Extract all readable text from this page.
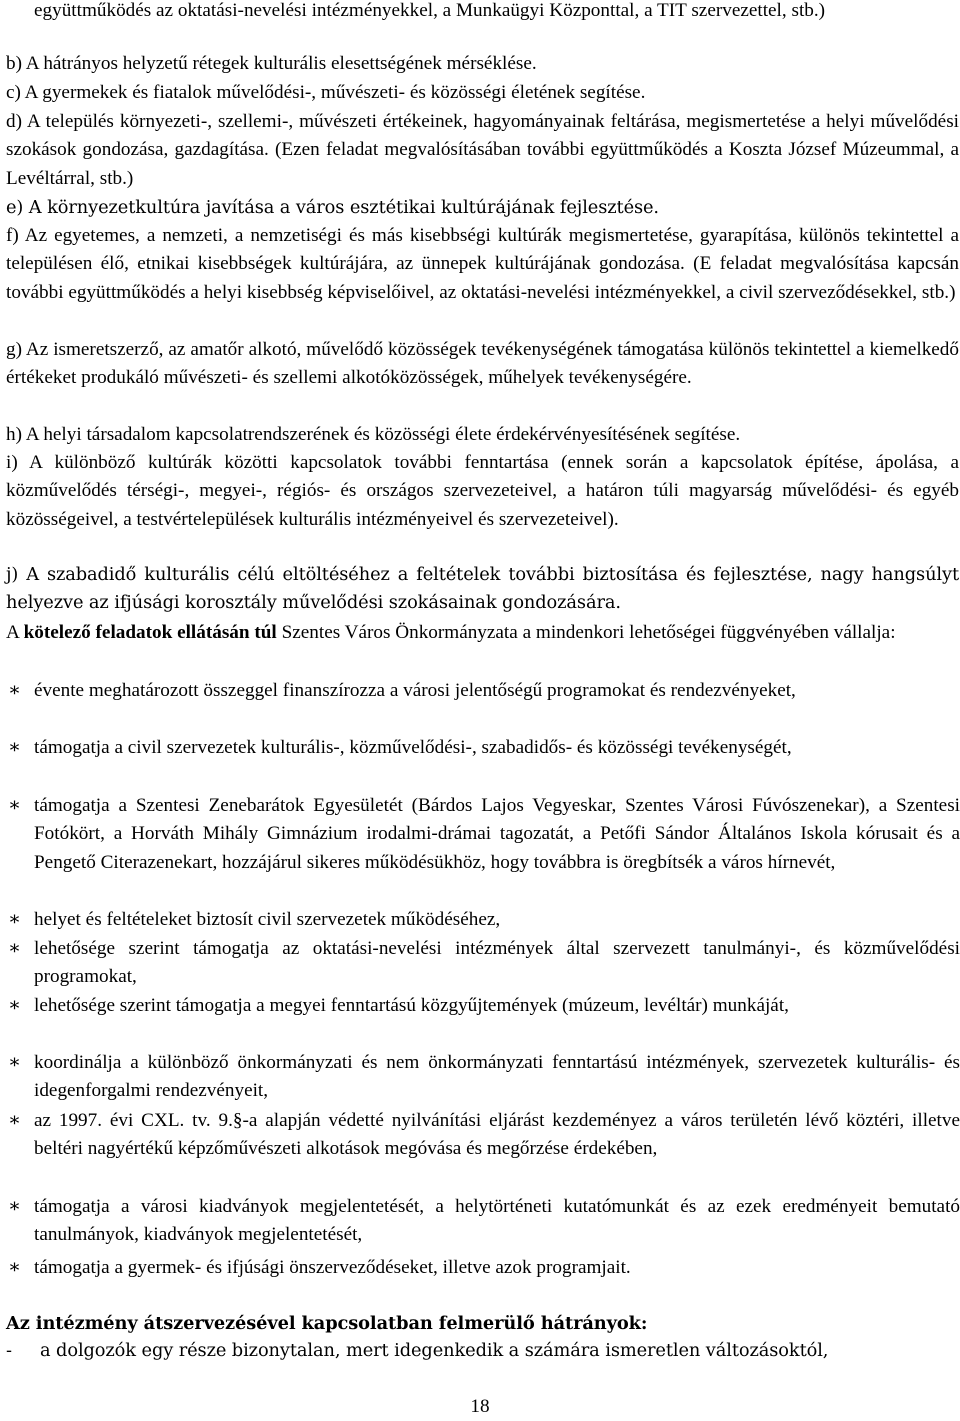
együttműködés az oktatási-nevelési intézményekkel, a Munkaügyi Központtal, a TIT szervezettel, stb.)
b) A hátrányos helyzetű rétegek kulturális elesettségének mérséklése.
c) A gyermekek és fiatalok művelődési-, művészeti- és közösségi életének segítése.
d) A település környezeti-, szellemi-, művészeti értékeinek, hagyományainak feltárása, megismertetése a helyi művelődési szokások gondozása, gazdagítása. (Ezen feladat megvalósításában további együttműködés a Koszta József Múzeummal, a Levéltárral, stb.)
e) A környezetkultúra javítása a város esztétikai kultúrájának fejlesztése.
f) Az egyetemes, a nemzeti, a nemzetiségi és más kisebbségi kultúrák megismertetése, gyarapítása, különös tekintettel a településen élő, etnikai kisebbségek kultúrájára, az ünnepek kultúrájának gondozása. (E feladat megvalósítása kapcsán további együttműködés a helyi kisebbség képviselőivel, az oktatási-nevelési intézményekkel, a civil szerveződésekkel, stb.)
g) Az ismeretszerző, az amatőr alkotó, művelődő közösségek tevékenységének támogatása különös tekintettel a kiemelkedő értékeket produkáló művészeti- és szellemi alkotóközösségek, műhelyek tevékenységére.
h) A helyi társadalom kapcsolatrendszerének és közösségi élete érdekérvényesítésének segítése.
i) A különböző kultúrák közötti kapcsolatok további fenntartása (ennek során a kapcsolatok építése, ápolása, a közművelődés térségi-, megyei-, régiós- és országos szervezeteivel, a határon túli magyarság művelődési- és egyéb közösségeivel, a testvértelepülések kulturális intézményeivel és szervezeteivel).
j) A szabadidő kulturális célú eltöltéséhez a feltételek további biztosítása és fejlesztése, nagy hangsúlyt helyezve az ifjúsági korosztály művelődési szokásainak gondozására.
A kötelező feladatok ellátásán túl Szentes Város Önkormányzata a mindenkori lehetőségei függvényében vállalja:
∗ évente meghatározott összeggel finanszírozza a városi jelentőségű programokat és rendezvényeket,
∗ támogatja a civil szervezetek kulturális-, közművelődési-, szabadidős- és közösségi tevékenységét,
∗ támogatja a Szentesi Zenebarátok Egyesületét (Bárdos Lajos Vegyeskar, Szentes Városi Fúvószenekar), a Szentesi Fotókört, a Horváth Mihály Gimnázium irodalmi-drámai tagozatát, a Petőfi Sándor Általános Iskola kórusait és a Pengető Citerazenekart, hozzájárul sikeres működésükhöz, hogy továbbra is öregbítsék a város hírnevét,
∗ helyet és feltételeket biztosít civil szervezetek működéséhez,
∗ lehetősége szerint támogatja az oktatási-nevelési intézmények által szervezett tanulmányi-, és közművelődési programokat,
∗ lehetősége szerint támogatja a megyei fenntartású közgyűjtemények (múzeum, levéltár) munkáját,
∗ koordinálja a különböző önkormányzati és nem önkormányzati fenntartású intézmények, szervezetek kulturális- és idegenforgalmi rendezvényeit,
∗ az 1997. évi CXL. tv. 9.§-a alapján védetté nyilvánítási eljárást kezdeményez a város területén lévő köztéri, illetve beltéri nagyértékű képzőművészeti alkotások megóvása és megőrzése érdekében,
∗ támogatja a városi kiadványok megjelentetését, a helytörténeti kutatómunkát és az ezek eredményeit bemutató tanulmányok, kiadványok megjelentetését,
∗ támogatja a gyermek- és ifjúsági önszerveződéseket, illetve azok programjait.
Az intézmény átszervezésével kapcsolatban felmerülő hátrányok:
- a dolgozók egy része bizonytalan, mert idegenkedik a számára ismeretlen változásoktól,
18
